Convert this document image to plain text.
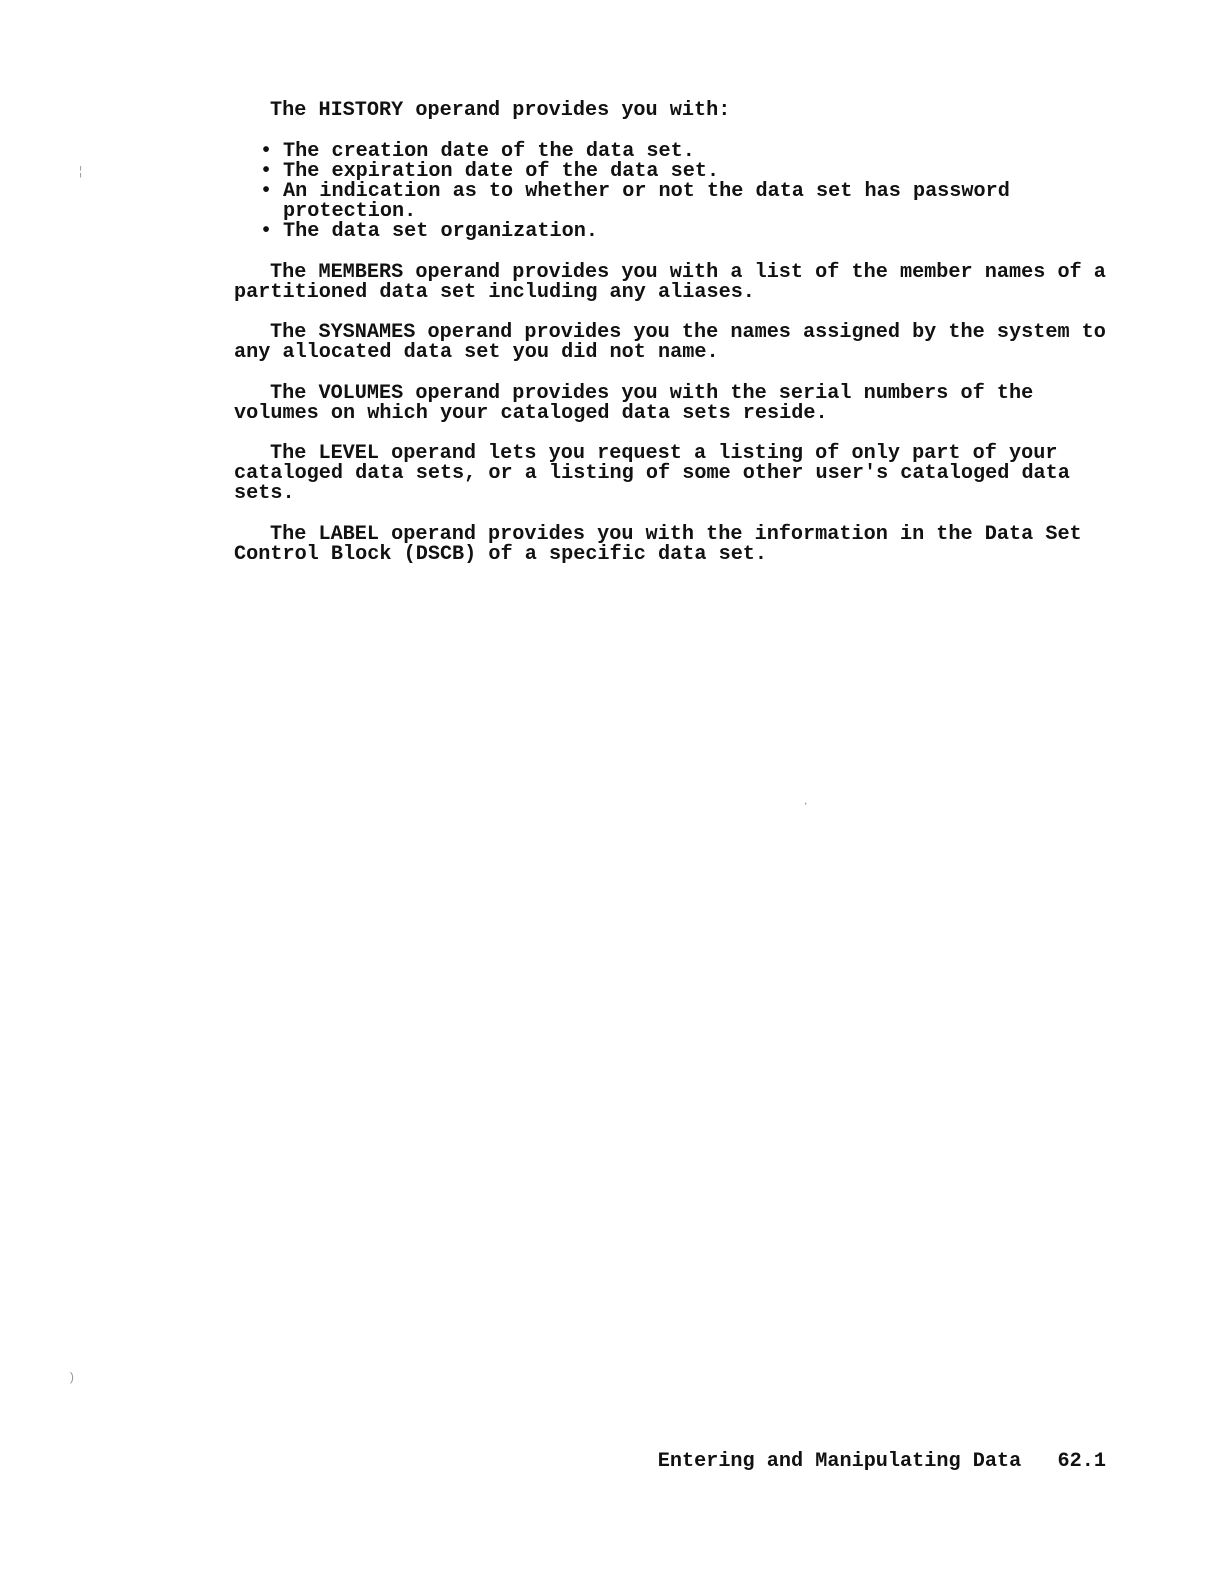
The HISTORY operand provides you with:

• The creation date of the data set.
• The expiration date of the data set.
• An indication as to whether or not the data set has password
protection.
• The data set organization.

The MEMBERS operand provides you with a list of the member names of a
partitioned data set including any aliases.

The SYSNAMES operand provides you the names assigned by the system to
any allocated data set you did not name.

The VOLUMES operand provides you with the serial numbers of the
volumes on which your cataloged data sets reside.

The LEVEL operand lets you request a listing of only part of your
cataloged data sets, or a listing of some other user's cataloged data
sets.

The LABEL operand provides you with the information in the Data Set
Control Block (DSCB) of a specific data set.

Entering and Manipulating Data 62.1
¦
)
·
